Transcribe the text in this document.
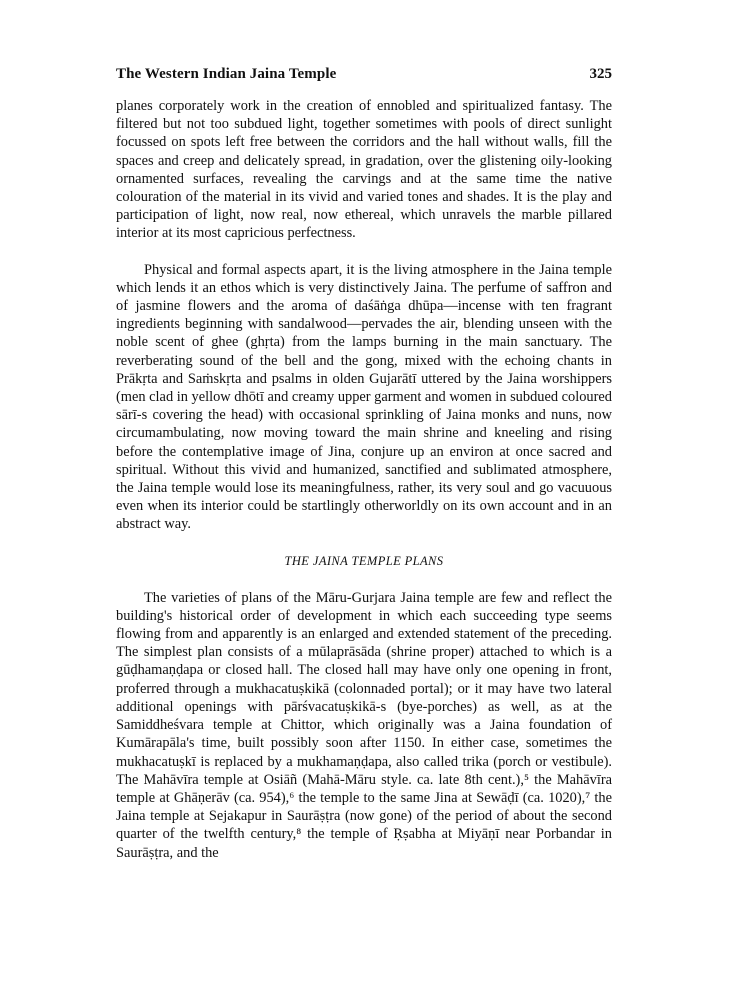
The Western Indian Jaina Temple	325

planes corporately work in the creation of ennobled and spiritualized fantasy. The filtered but not too subdued light, together sometimes with pools of direct sunlight focussed on spots left free between the corridors and the hall without walls, fill the spaces and creep and delicately spread, in gradation, over the glistening oily-looking ornamented surfaces, revealing the carvings and at the same time the native colouration of the material in its vivid and varied tones and shades. It is the play and participation of light, now real, now ethereal, which unravels the marble pillared interior at its most capricious perfectness.

Physical and formal aspects apart, it is the living atmosphere in the Jaina temple which lends it an ethos which is very distinctively Jaina. The perfume of saffron and of jasmine flowers and the aroma of daśāṅga dhūpa—incense with ten fragrant ingredients beginning with sandalwood—pervades the air, blending unseen with the noble scent of ghee (ghṛta) from the lamps burning in the main sanctuary. The reverberating sound of the bell and the gong, mixed with the echoing chants in Prākṛta and Saṁskṛta and psalms in olden Gujarātī uttered by the Jaina worshippers (men clad in yellow dhōtī and creamy upper garment and women in subdued coloured sārī-s covering the head) with occasional sprinkling of Jaina monks and nuns, now circumambulating, now moving toward the main shrine and kneeling and rising before the contemplative image of Jina, conjure up an environ at once sacred and spiritual. Without this vivid and humanized, sanctified and sublimated atmosphere, the Jaina temple would lose its meaningfulness, rather, its very soul and go vacuuous even when its interior could be startlingly otherworldly on its own account and in an abstract way.

THE JAINA TEMPLE PLANS

The varieties of plans of the Māru-Gurjara Jaina temple are few and reflect the building's historical order of development in which each succeeding type seems flowing from and apparently is an enlarged and extended statement of the preceding. The simplest plan consists of a mūlaprāsāda (shrine proper) attached to which is a gūḍhamaṇḍapa or closed hall. The closed hall may have only one opening in front, proferred through a mukhacatuṣkikā (colonnaded portal); or it may have two lateral additional openings with pārśvacatuṣkikā-s (bye-porches) as well, as at the Samiddheśvara temple at Chittor, which originally was a Jaina foundation of Kumārapāla's time, built possibly soon after 1150. In either case, sometimes the mukhacatuṣkī is replaced by a mukhamaṇḍapa, also called trika (porch or vestibule). The Mahāvīra temple at Osiāñ (Mahā-Māru style. ca. late 8th cent.),⁵ the Mahāvīra temple at Ghāṇerāv (ca. 954),⁶ the temple to the same Jina at Sewāḍī (ca. 1020),⁷ the Jaina temple at Sejakapur in Saurāṣṭra (now gone) of the period of about the second quarter of the twelfth century,⁸ the temple of Ṛṣabha at Miyāṇī near Porbandar in Saurāṣṭra, and the
